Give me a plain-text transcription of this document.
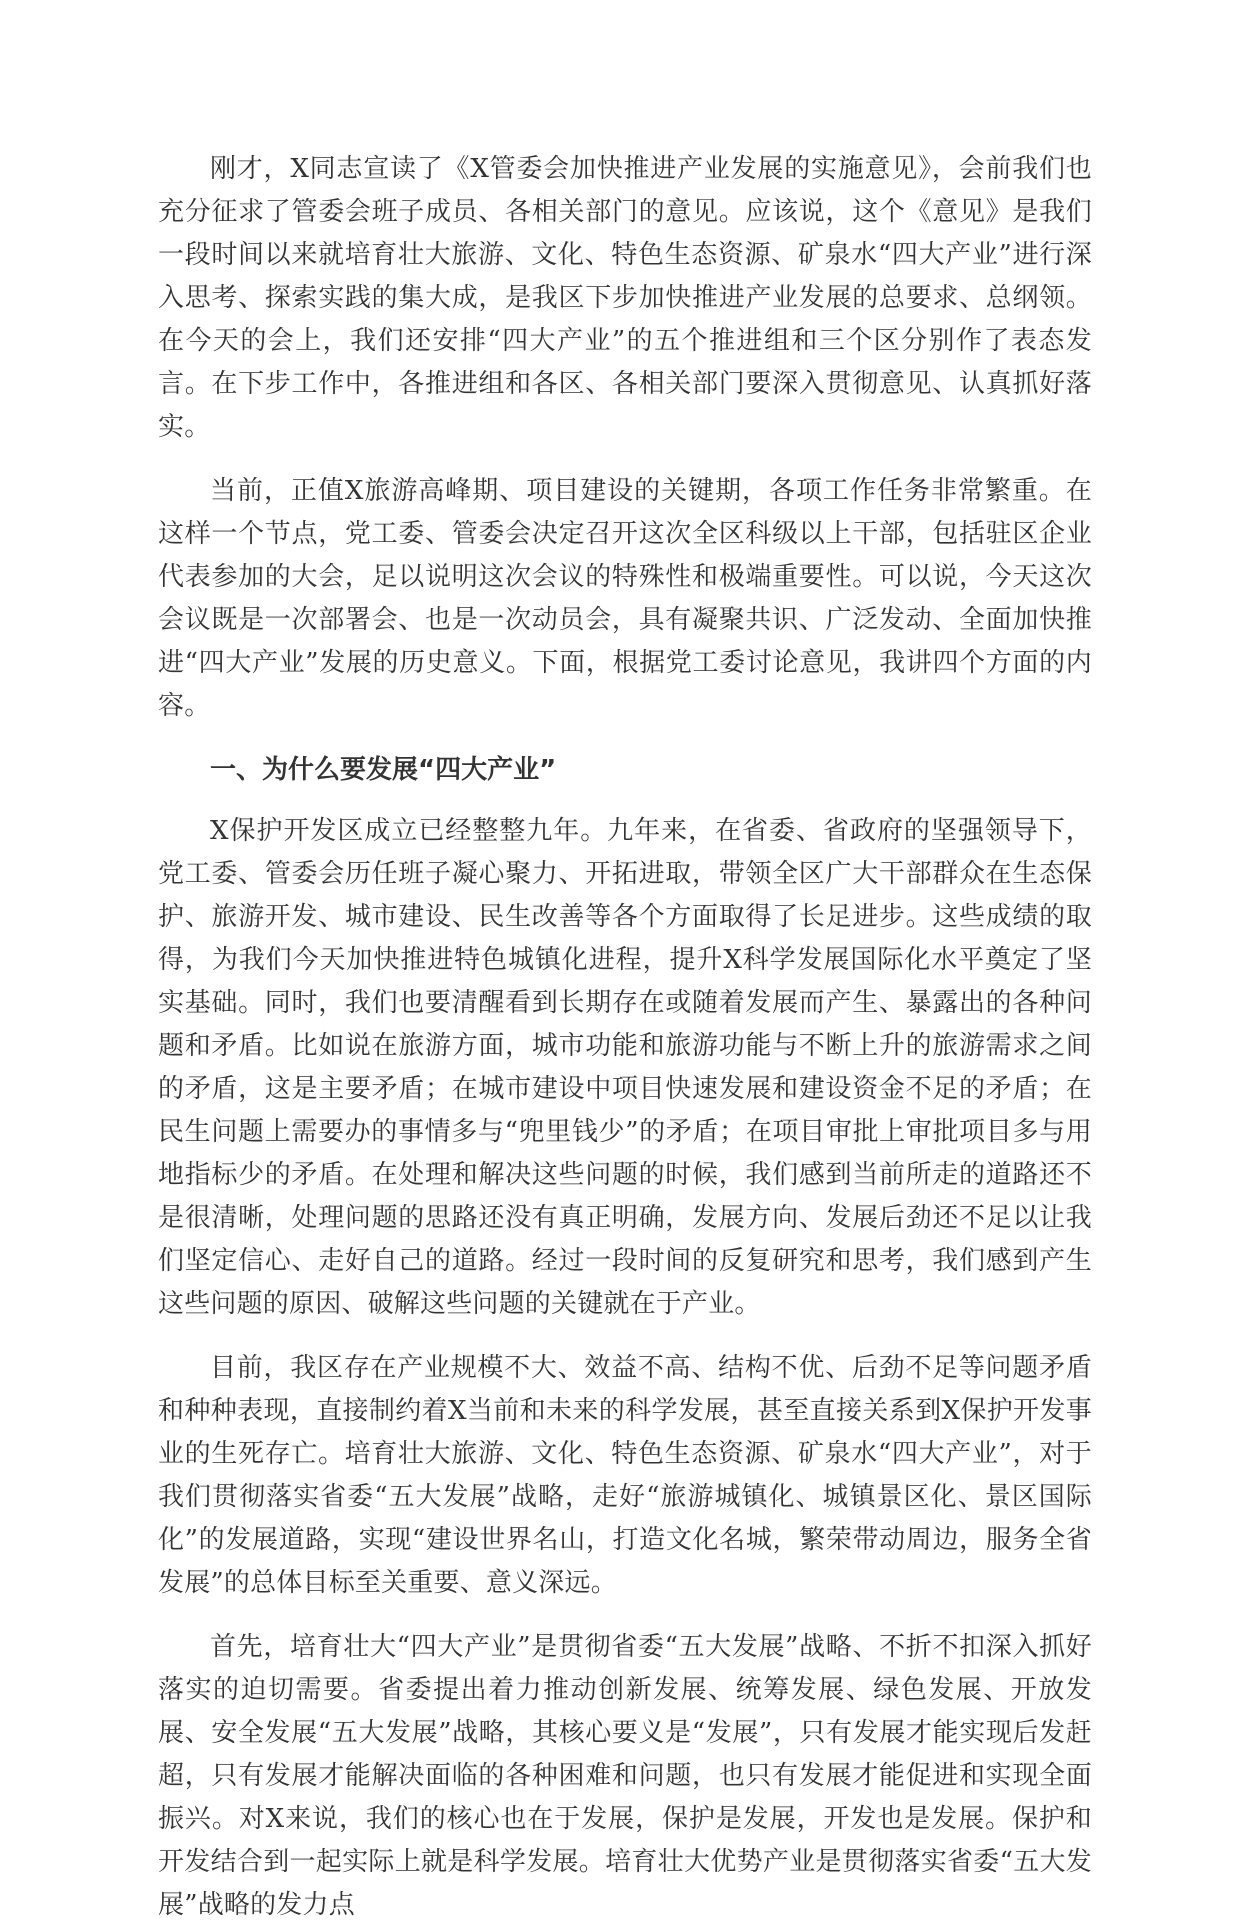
刚才，X同志宣读了《X管委会加快推进产业发展的实施意见》，会前我们也充分征求了管委会班子成员、各相关部门的意见。应该说，这个《意见》是我们一段时间以来就培育壮大旅游、文化、特色生态资源、矿泉水“四大产业”进行深入思考、探索实践的集大成，是我区下步加快推进产业发展的总要求、总纲领。在今天的会上，我们还安排“四大产业”的五个推进组和三个区分别作了表态发言。在下步工作中，各推进组和各区、各相关部门要深入贯彻意见、认真抓好落实。

当前，正值X旅游高峰期、项目建设的关键期，各项工作任务非常繁重。在这样一个节点，党工委、管委会决定召开这次全区科级以上干部，包括驻区企业代表参加的大会，足以说明这次会议的特殊性和极端重要性。可以说，今天这次会议既是一次部署会、也是一次动员会，具有凝聚共识、广泛发动、全面加快推进“四大产业”发展的历史意义。下面，根据党工委讨论意见，我讲四个方面的内容。

一、为什么要发展“四大产业”

X保护开发区成立已经整整九年。九年来，在省委、省政府的坚强领导下，党工委、管委会历任班子凝心聚力、开拓进取，带领全区广大干部群众在生态保护、旅游开发、城市建设、民生改善等各个方面取得了长足进步。这些成绩的取得，为我们今天加快推进特色城镇化进程，提升X科学发展国际化水平奠定了坚实基础。同时，我们也要清醒看到长期存在或随着发展而产生、暴露出的各种问题和矛盾。比如说在旅游方面，城市功能和旅游功能与不断上升的旅游需求之间的矛盾，这是主要矛盾；在城市建设中项目快速发展和建设资金不足的矛盾；在民生问题上需要办的事情多与“兜里钱少”的矛盾；在项目审批上审批项目多与用地指标少的矛盾。在处理和解决这些问题的时候，我们感到当前所走的道路还不是很清晰，处理问题的思路还没有真正明确，发展方向、发展后劲还不足以让我们坚定信心、走好自己的道路。经过一段时间的反复研究和思考，我们感到产生这些问题的原因、破解这些问题的关键就在于产业。

目前，我区存在产业规模不大、效益不高、结构不优、后劲不足等问题矛盾和种种表现，直接制约着X当前和未来的科学发展，甚至直接关系到X保护开发事业的生死存亡。培育壮大旅游、文化、特色生态资源、矿泉水“四大产业”，对于我们贯彻落实省委“五大发展”战略，走好“旅游城镇化、城镇景区化、景区国际化”的发展道路，实现“建设世界名山，打造文化名城，繁荣带动周边，服务全省发展”的总体目标至关重要、意义深远。

首先，培育壮大“四大产业”是贯彻省委“五大发展”战略、不折不扣深入抓好落实的迫切需要。省委提出着力推动创新发展、统筹发展、绿色发展、开放发展、安全发展“五大发展”战略，其核心要义是“发展”，只有发展才能实现后发赶超，只有发展才能解决面临的各种困难和问题，也只有发展才能促进和实现全面振兴。对X来说，我们的核心也在于发展，保护是发展，开发也是发展。保护和开发结合到一起实际上就是科学发展。培育壮大优势产业是贯彻落实省委“五大发展”战略的发力点
